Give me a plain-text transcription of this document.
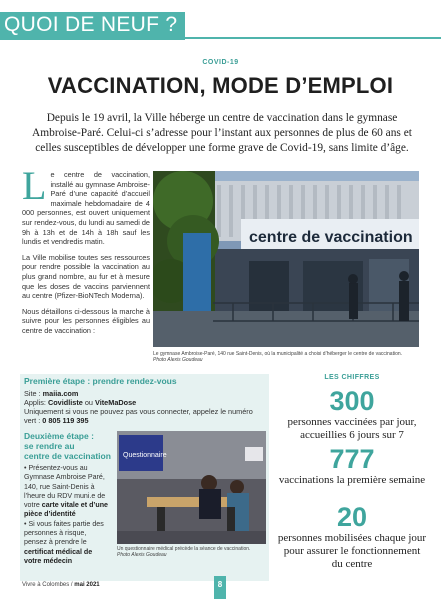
QUOI DE NEUF ?
COVID-19
VACCINATION, MODE D’EMPLOI
Depuis le 19 avril, la Ville héberge un centre de vaccination dans le gymnase Ambroise-Paré. Celui-ci s’adresse pour l’instant aux personnes de plus de 60 ans et celles susceptibles de développer une forme grave de Covid-19, sans limite d’âge.

Le centre de vaccination, installé au gymnase Ambroise-Paré d’une capacité d’accueil maximale hebdomadaire de 4 000 personnes, est ouvert uniquement sur rendez-vous, du lundi au samedi de 9h à 13h et de 14h à 18h sauf les lundis et vendredis matin.

La Ville mobilise toutes ses ressources pour rendre possible la vaccination au plus grand nombre, au fur et à mesure que les doses de vaccins parviennent au centre (Pfizer-BioNTech Moderna).

Nous détaillons ci-dessous la marche à suivre pour les personnes éligibles au centre de vaccination :

centre de vaccination
Le gymnase Ambroise-Paré, 140 rue Saint-Denis, où la municipalité a choisi d’héberger le centre de vaccination.
Photo Alexis Goudeau
Première étape : prendre rendez-vous
Site : maiia.com
Applis: Covidliste ou ViteMaDose
Uniquement si vous ne pouvez pas vous connecter, appelez le numéro
vert : 0 805 119 395
Deuxième étape :
se rendre au
centre de vaccination

• Présentez-vous au Gymnase Ambroise Paré, 140, rue Saint-Denis à l’heure du RDV muni.e de votre carte vitale et d’une pièce d’identité

• Si vous faites partie des personnes à risque, pensez à prendre le certificat médical de votre médecin

Questionnaire
Un questionnaire médical précède la séance de vaccination.
Photo Alexis Goudeau
LES CHIFFRES
300
personnes vaccinées par jour, accueillies 6 jours sur 7
777
vaccinations la première semaine
20
personnes mobilisées chaque jour pour assurer le fonctionnement du centre
Vivre à Colombes / mai 2021	8
